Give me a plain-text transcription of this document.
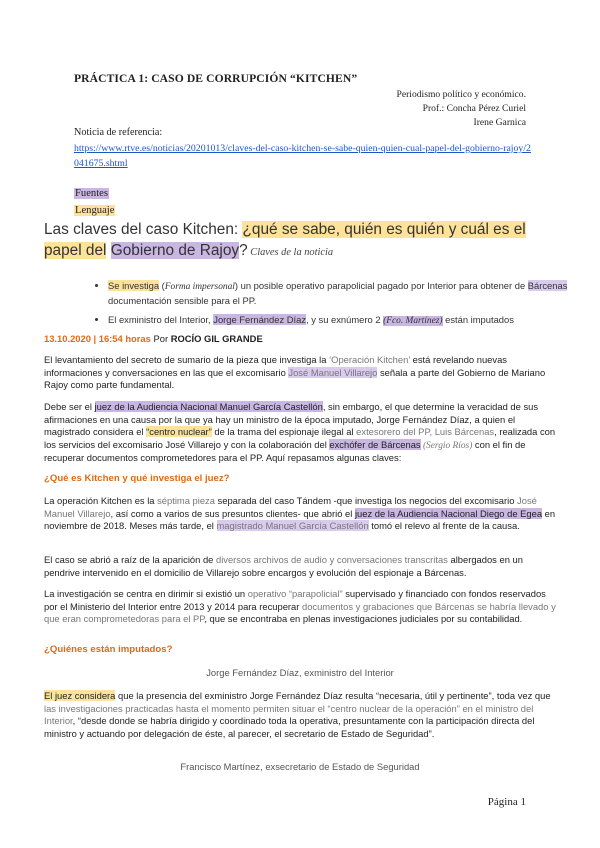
PRÁCTICA 1: CASO DE CORRUPCIÓN “KITCHEN”
Periodismo político y económico.
Prof.: Concha Pérez Curiel
Irene Garnica
Noticia de referencia:
https://www.rtve.es/noticias/20201013/claves-del-caso-kitchen-se-sabe-quien-quien-cual-papel-del-gobierno-rajoy/2041675.shtml
Fuentes
Lenguaje
Las claves del caso Kitchen: ¿qué se sabe, quién es quién y cuál es el papel del Gobierno de Rajoy? Claves de la noticia
• Se investiga (Forma impersonal) un posible operativo parapolicial pagado por Interior para obtener de Bárcenas documentación sensible para el PP.
• El exministro del Interior, Jorge Fernández Díaz, y su exnúmero 2 (Fco. Martínez) están imputados
13.10.2020 | 16:54 horas Por ROCÍO GIL GRANDE

El levantamiento del secreto de sumario de la pieza que investiga la ‘Operación Kitchen’ está revelando nuevas informaciones y conversaciones en las que el excomisario José Manuel Villarejo señala a parte del Gobierno de Mariano Rajoy como parte fundamental.

Debe ser el juez de la Audiencia Nacional Manuel García Castellón, sin embargo, el que determine la veracidad de sus afirmaciones en una causa por la que ya hay un ministro de la época imputado, Jorge Fernández Díaz, a quien el magistrado considera el “centro nuclear” de la trama del espionaje ilegal al extesorero del PP, Luis Bárcenas, realizada con los servicios del excomisario José Villarejo y con la colaboración del exchófer de Bárcenas (Sergio Ríos) con el fin de recuperar documentos comprometedores para el PP. Aquí repasamos algunas claves:

¿Qué es Kitchen y qué investiga el juez?

La operación Kitchen es la séptima pieza separada del caso Tándem -que investiga los negocios del excomisario José Manuel Villarejo, así como a varios de sus presuntos clientes- que abrió el juez de la Audiencia Nacional Diego de Egea en noviembre de 2018. Meses más tarde, el magistrado Manuel García Castellón tomó el relevo al frente de la causa.

El caso se abrió a raíz de la aparición de diversos archivos de audio y conversaciones transcritas albergados en un pendrive intervenido en el domicilio de Villarejo sobre encargos y evolución del espionaje a Bárcenas.

La investigación se centra en dirimir si existió un operativo “parapolicial” supervisado y financiado con fondos reservados por el Ministerio del Interior entre 2013 y 2014 para recuperar documentos y grabaciones que Bárcenas se habría llevado y que eran comprometedoras para el PP, que se encontraba en plenas investigaciones judiciales por su contabilidad.

¿Quiénes están imputados?
Jorge Fernández Díaz, exministro del Interior

El juez considera que la presencia del exministro Jorge Fernández Díaz resulta “necesaria, útil y pertinente”, toda vez que las investigaciones practicadas hasta el momento permiten situar el “centro nuclear de la operación” en el ministro del Interior, “desde donde se habría dirigido y coordinado toda la operativa, presuntamente con la participación directa del ministro y actuando por delegación de éste, al parecer, el secretario de Estado de Seguridad”.

Francisco Martínez, exsecretario de Estado de Seguridad
Página 1
